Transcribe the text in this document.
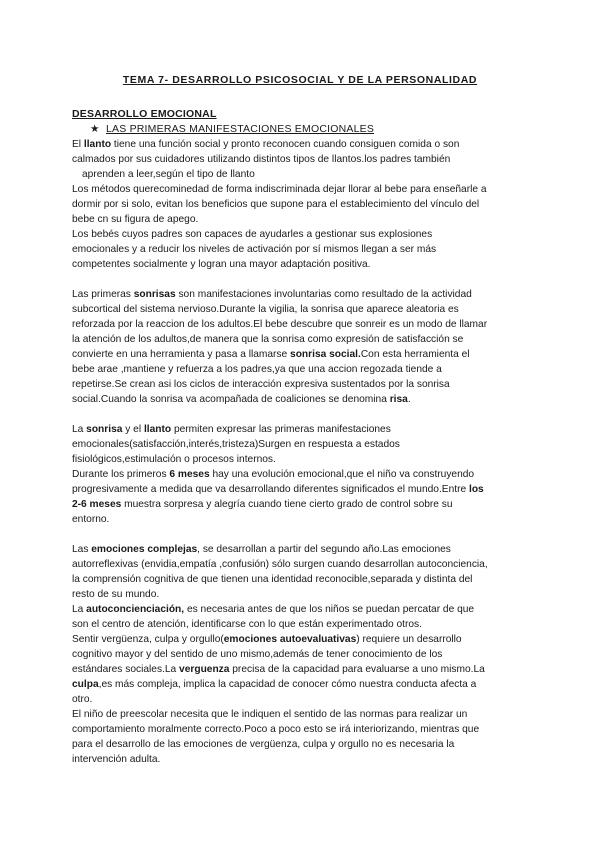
TEMA 7- DESARROLLO PSICOSOCIAL Y DE LA PERSONALIDAD
DESARROLLO EMOCIONAL
★ LAS PRIMERAS MANIFESTACIONES EMOCIONALES

El llanto tiene una función social y pronto reconocen cuando consiguen comida o son

calmados por sus cuidadores utilizando distintos tipos de llantos.los padres también

aprenden a leer,según el tipo de llanto

Los métodos querecominedad de forma indiscriminada dejar llorar al bebe para enseñarle a

dormir por si solo, evitan los beneficios que supone para el establecimiento del vínculo del

bebe cn su figura de apego.

Los bebés cuyos padres son capaces de ayudarles a gestionar sus explosiones

emocionales y a reducir los niveles de activación por sí mismos llegan a ser más

competentes socialmente y logran una mayor adaptación positiva.

Las primeras sonrisas son manifestaciones involuntarias como resultado de la actividad

subcortical del sistema nervioso.Durante la vigilia, la sonrisa que aparece aleatoria es

reforzada por la reaccion de los adultos.El bebe descubre que sonreir es un modo de llamar

la atención de los adultos,de manera que la sonrisa como expresión de satisfacción se

convierte en una herramienta y pasa a llamarse sonrisa social.Con esta herramienta el

bebe arae ,mantiene y refuerza a los padres,ya que una accion regozada tiende a

repetirse.Se crean asi los ciclos de interacción expresiva sustentados por la sonrisa

social.Cuando la sonrisa va acompañada de coaliciones se denomina risa.

La sonrisa y el llanto permiten expresar las primeras manifestaciones

emocionales(satisfacción,interés,tristeza)Surgen en respuesta a estados

fisiológicos,estimulación o procesos internos.

Durante los primeros 6 meses hay una evolución emocional,que el niño va construyendo

progresivamente a medida que va desarrollando diferentes significados el mundo.Entre los

2-6 meses muestra sorpresa y alegría cuando tiene cierto grado de control sobre su

entorno.

Las emociones complejas, se desarrollan a partir del segundo año.Las emociones

autorreflexivas (envidia,empatía ,confusión) sólo surgen cuando desarrollan autoconciencia,

la comprensión cognitiva de que tienen una identidad reconocible,separada y distinta del

resto de su mundo.

La autoconcienciación, es necesaria antes de que los niños se puedan percatar de que

son el centro de atención, identificarse con lo que están experimentado otros.

Sentir vergüenza, culpa y orgullo(emociones autoevaluativas) requiere un desarrollo

cognitivo mayor y del sentido de uno mismo,además de tener conocimiento de los

estándares sociales.La verguenza precisa de la capacidad para evaluarse a uno mismo.La

culpa,es más compleja, implica la capacidad de conocer cómo nuestra conducta afecta a

otro.

El niño de preescolar necesita que le indiquen el sentido de las normas para realizar un

comportamiento moralmente correcto.Poco a poco esto se irá interiorizando, mientras que

para el desarrollo de las emociones de vergüenza, culpa y orgullo no es necesaria la

intervención adulta.
